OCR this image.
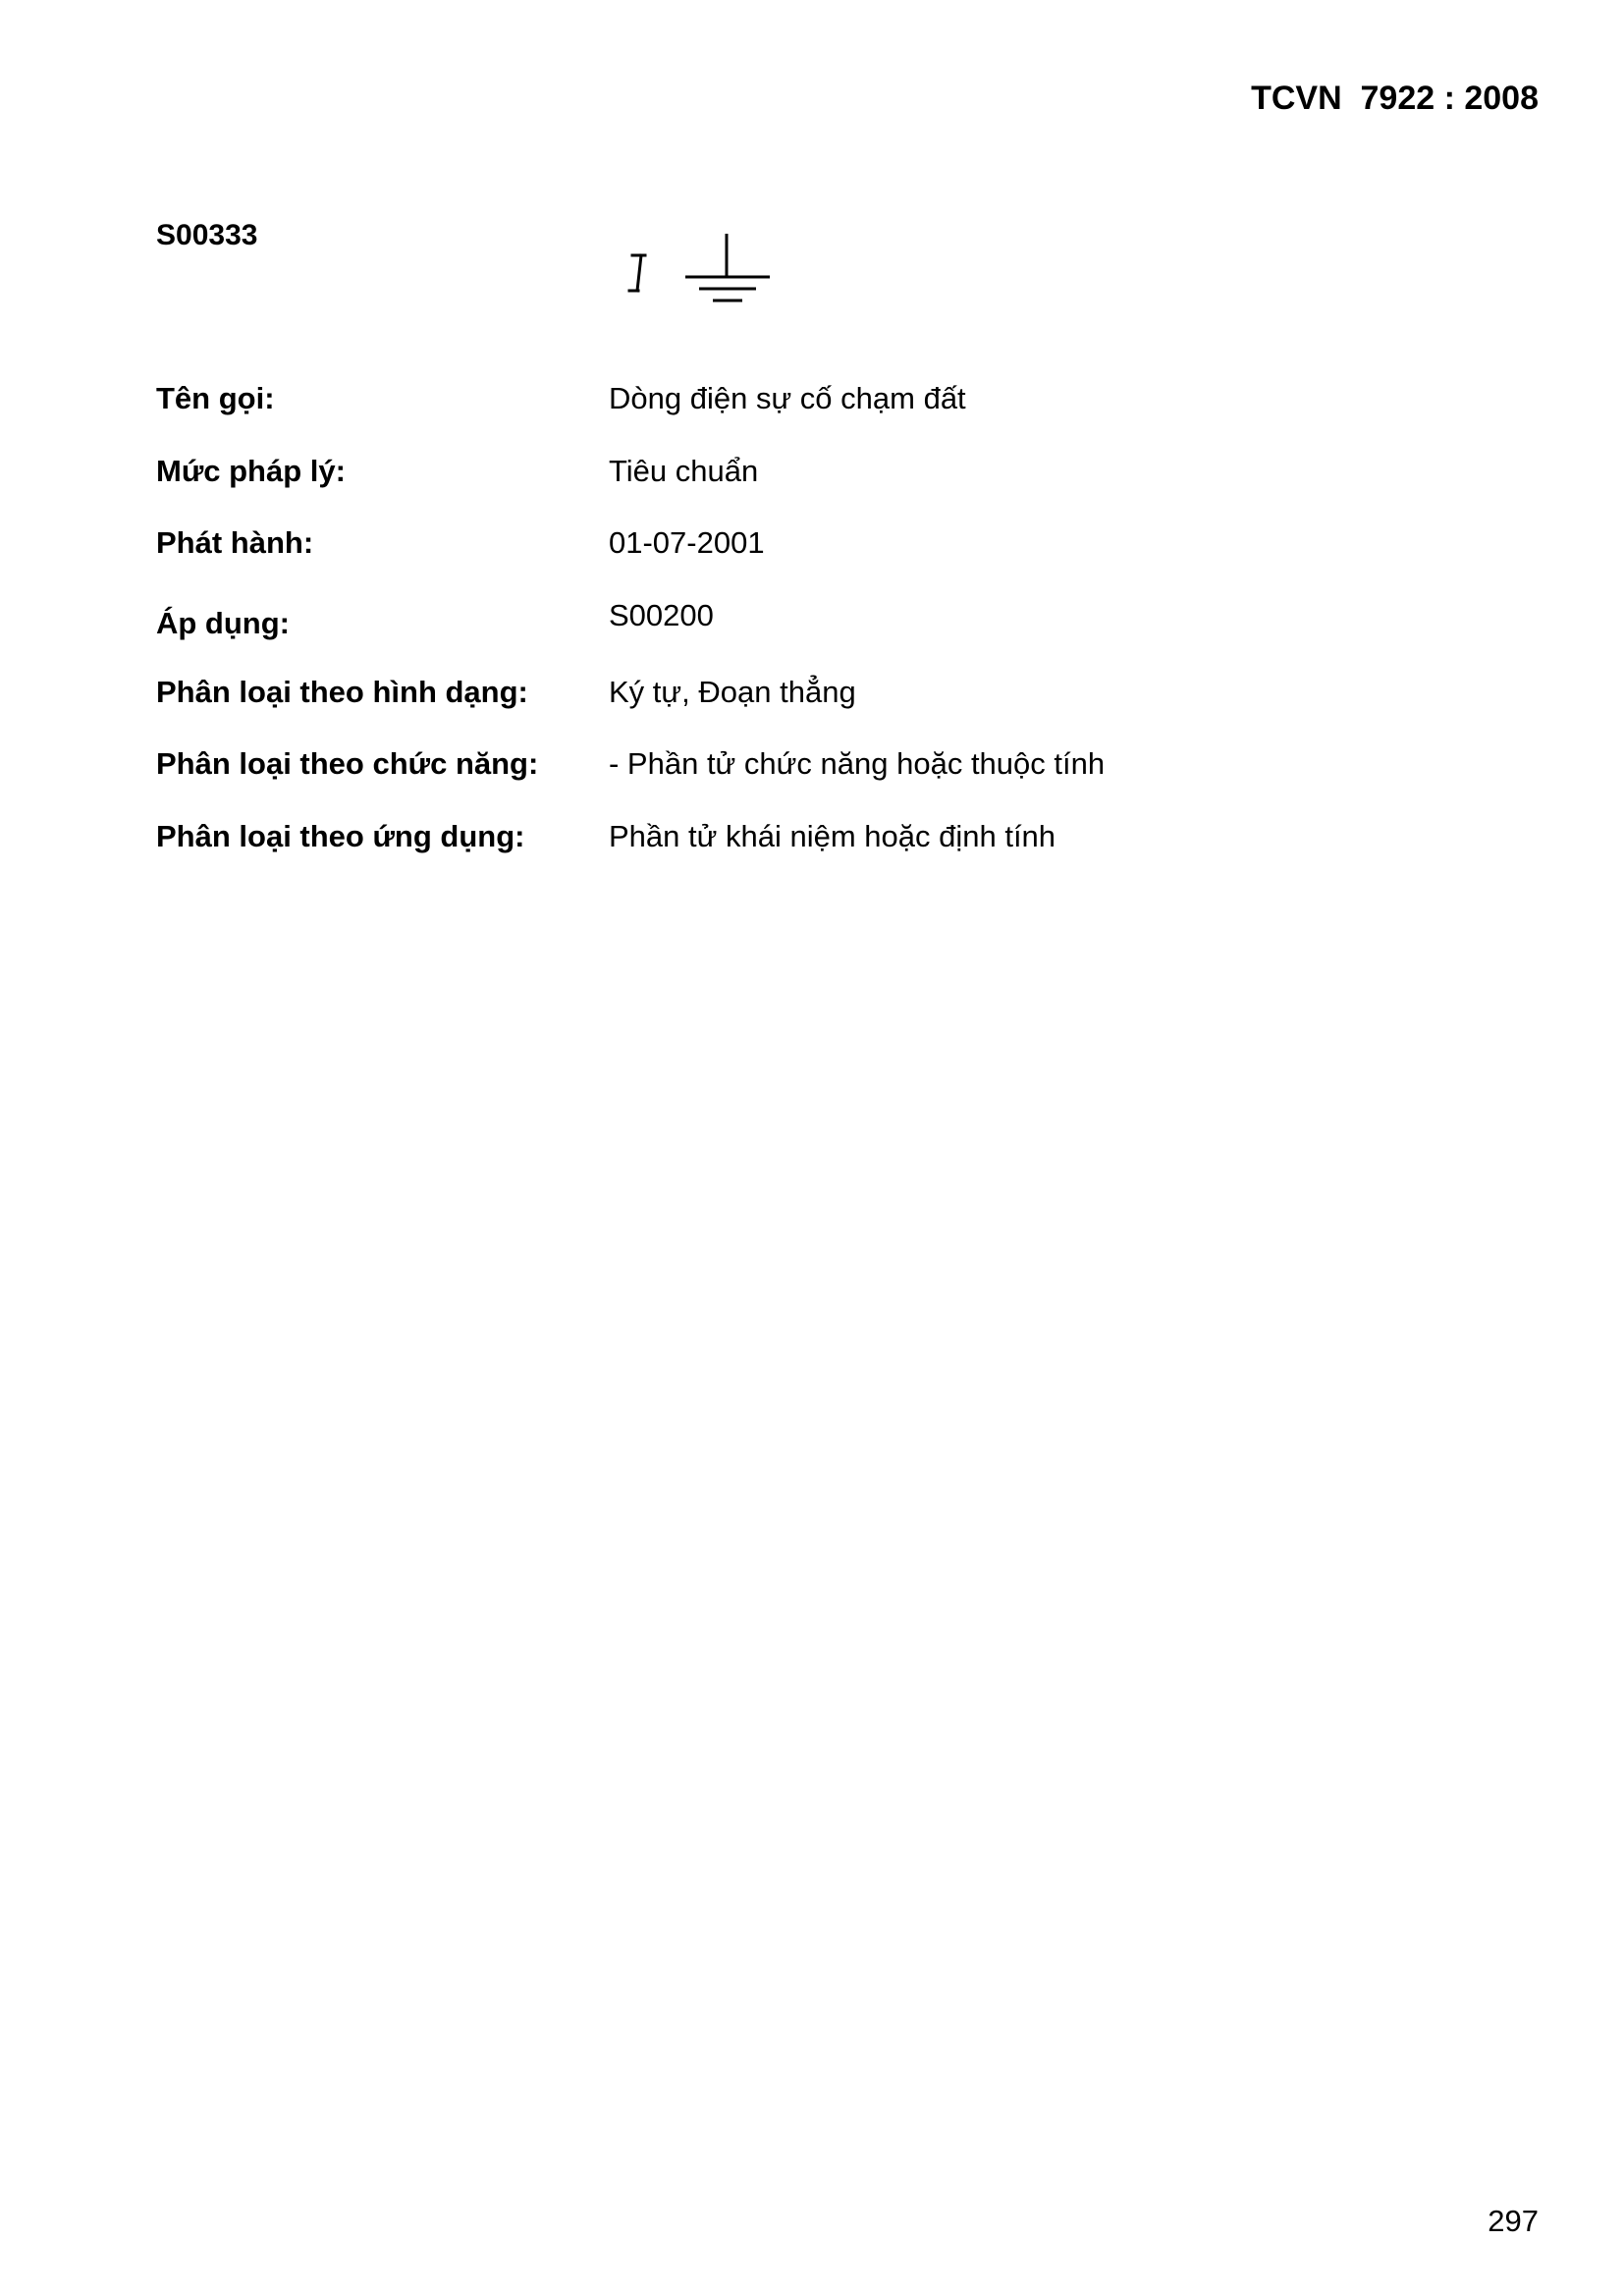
TCVN  7922 : 2008
S00333
Tên gọi:	Dòng điện sự cố chạm đất
Mức pháp lý:	Tiêu chuẩn
Phát hành:	01-07-2001
Áp dụng:	S00200
Phân loại theo hình dạng:	Ký tự, Đoạn thẳng
Phân loại theo chức năng: - Phần tử chức năng hoặc thuộc tính
Phân loại theo ứng dụng:	Phần tử khái niệm hoặc định tính
297
